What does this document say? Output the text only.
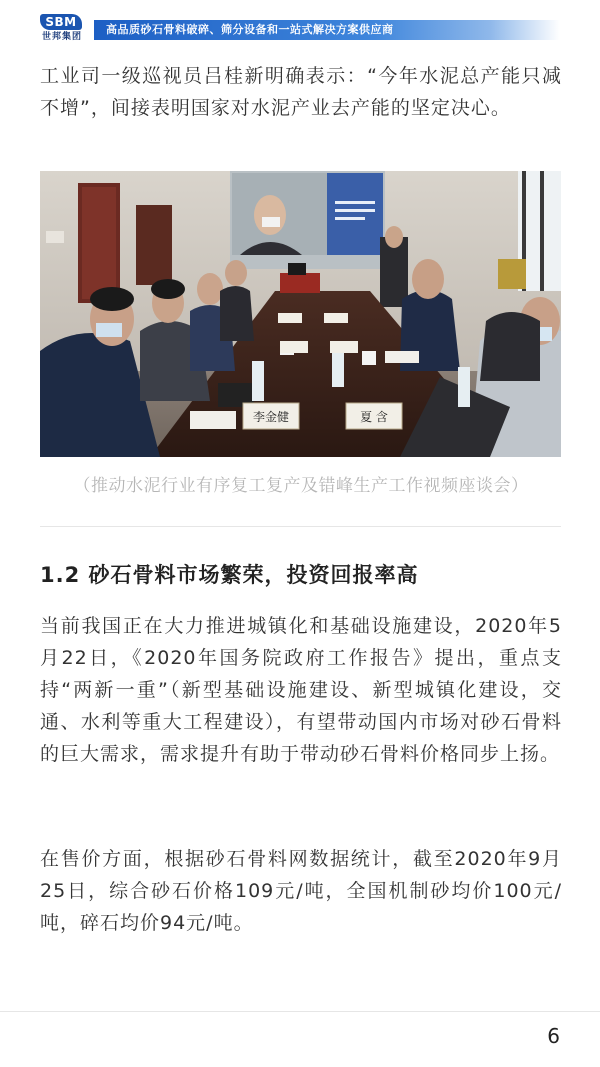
SBM
世邦集团
高品质砂石骨料破碎、筛分设备和一站式解决方案供应商

工业司一级巡视员吕桂新明确表示：“今年水泥总产能只减不增”，间接表明国家对水泥产业去产能的坚定决心。

李金健	夏 含
（推动水泥行业有序复工复产及错峰生产工作视频座谈会）
1.2 砂石骨料市场繁荣，投资回报率高

当前我国正在大力推进城镇化和基础设施建设，2020年5月22日，《2020年国务院政府工作报告》提出，重点支持“两新一重”（新型基础设施建设、新型城镇化建设，交通、水利等重大工程建设），有望带动国内市场对砂石骨料的巨大需求，需求提升有助于带动砂石骨料价格同步上扬。

在售价方面，根据砂石骨料网数据统计，截至2020年9月25日，综合砂石价格109元/吨，全国机制砂均价100元/吨，碎石均价94元/吨。

6
